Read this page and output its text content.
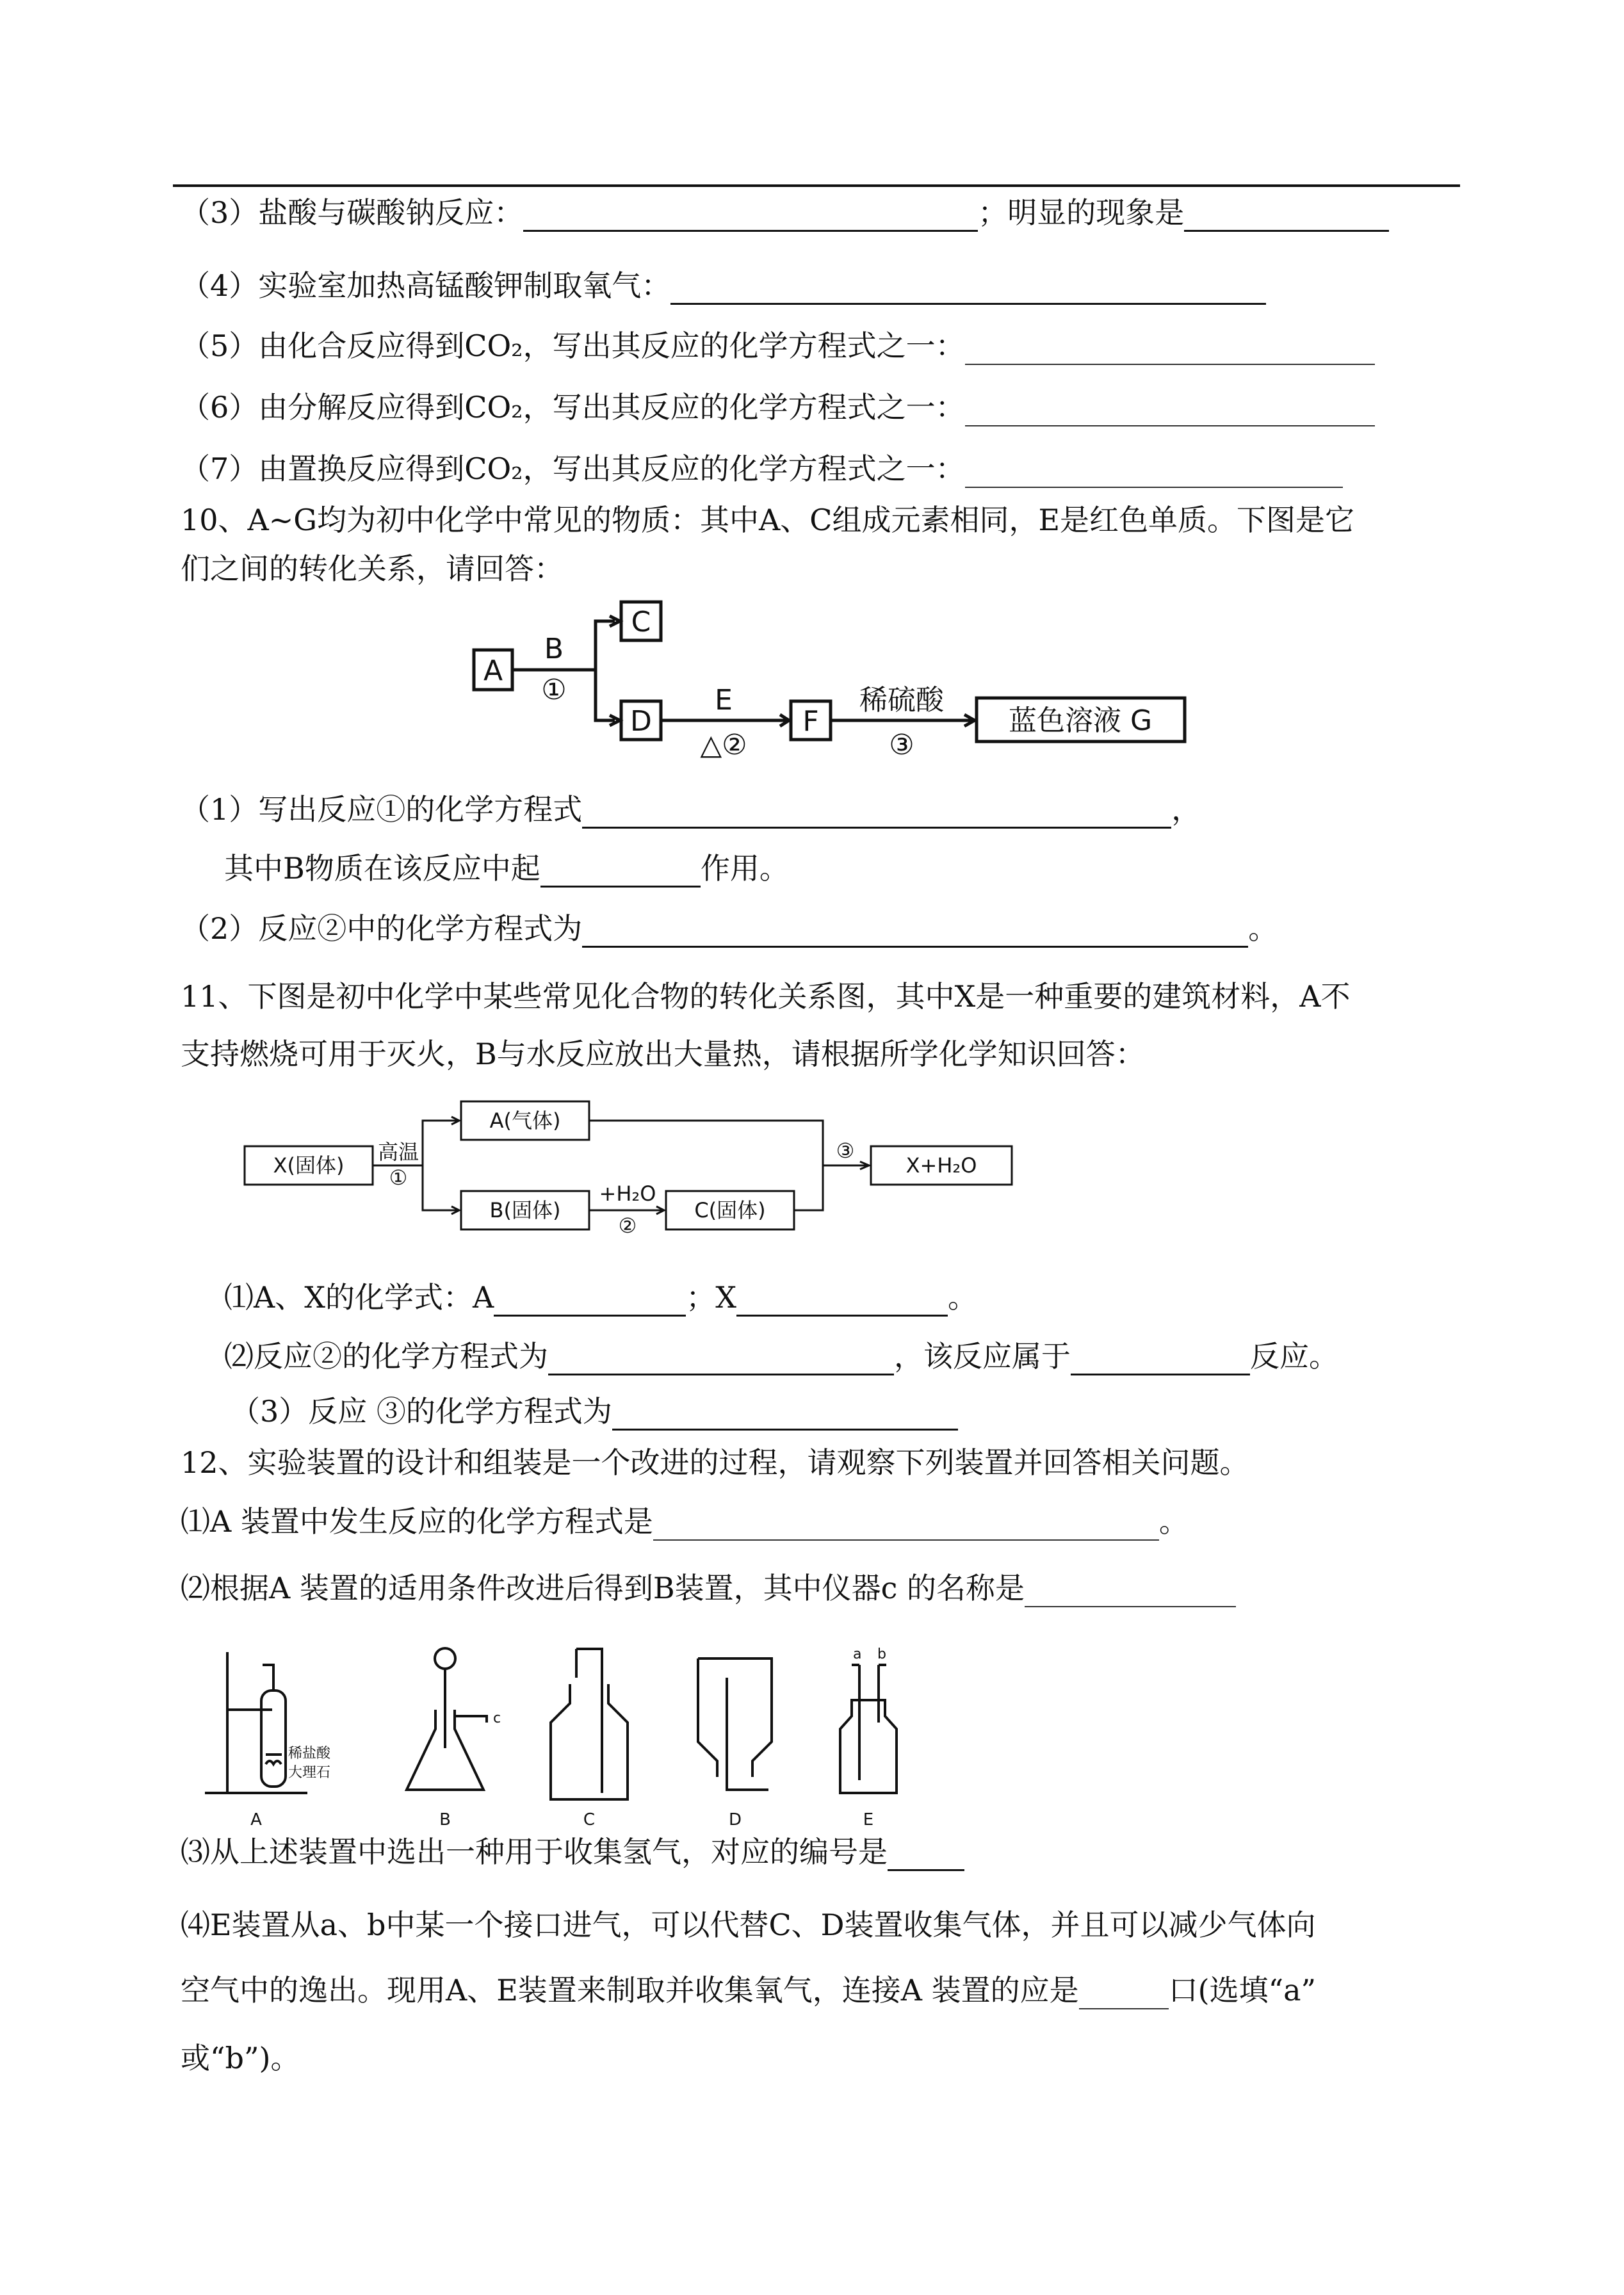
（3）盐酸与碳酸钠反应：	；明显的现象是
（4）实验室加热高锰酸钾制取氧气：
（5）由化合反应得到CO₂，写出其反应的化学方程式之一：
（6）由分解反应得到CO₂，写出其反应的化学方程式之一：
（7）由置换反应得到CO₂，写出其反应的化学方程式之一：
10、A~G均为初中化学中常见的物质：其中A、C组成元素相同，E是红色单质。下图是它
们之间的转化关系，请回答：
A
B
①
C
D
E
△②
F
稀硫酸
③
蓝色溶液 G
（1）写出反应①的化学方程式	，
其中B物质在该反应中起	作用。
（2）反应②中的化学方程式为	。
11、下图是初中化学中某些常见化合物的转化关系图，其中X是一种重要的建筑材料，A不
支持燃烧可用于灭火，B与水反应放出大量热，请根据所学化学知识回答：
X(固体)
高温
①
A(气体)
B(固体)
+H₂O
②
C(固体)
③
X+H₂O
⑴A、X的化学式：A	；X	。
⑵反应②的化学方程式为	，该反应属于	反应。
（3）反应 ③的化学方程式为
12、实验装置的设计和组装是一个改进的过程，请观察下列装置并回答相关问题。
⑴A 装置中发生反应的化学方程式是	。
⑵根据A 装置的适用条件改进后得到B装置，其中仪器c 的名称是
稀盐酸
大理石
c
a b
A	B	C	D	E
⑶从上述装置中选出一种用于收集氢气，对应的编号是
⑷E装置从a、b中某一个接口进气，可以代替C、D装置收集气体，并且可以减少气体向
空气中的逸出。现用A、E装置来制取并收集氧气，连接A 装置的应是	口(选填“a”
或“b”)。
